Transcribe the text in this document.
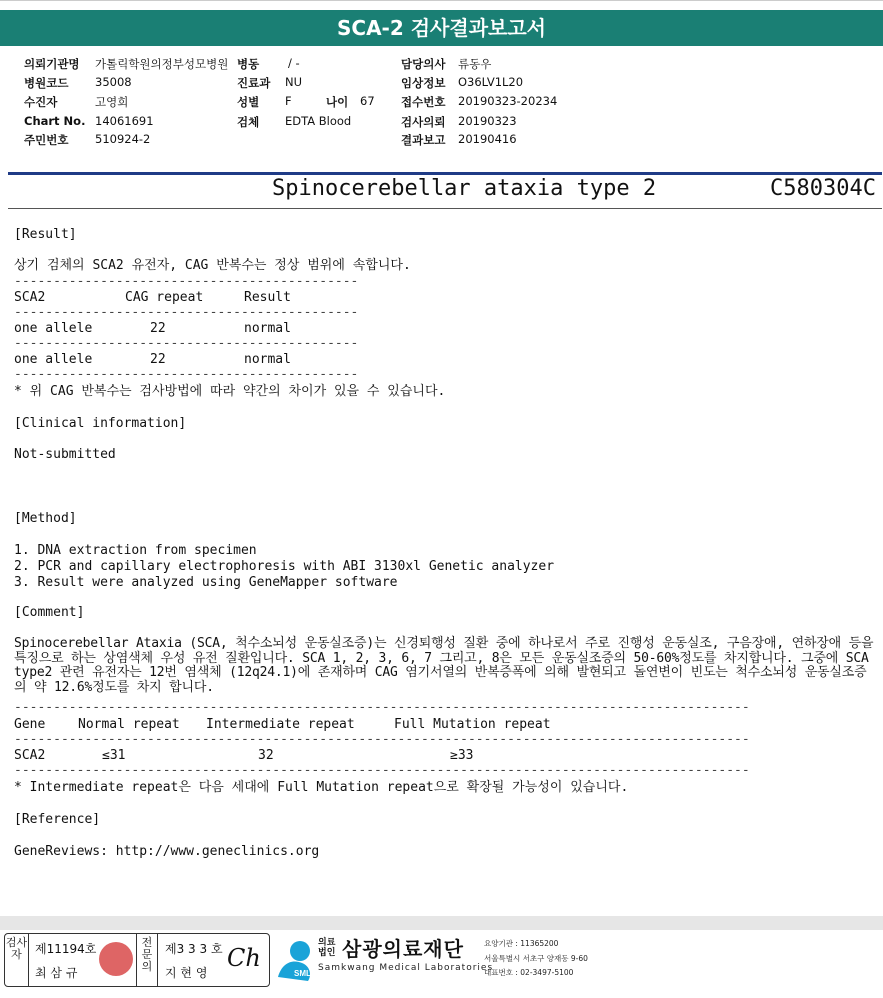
SCA-2 검사결과보고서
의뢰기관명 가톨릭학원의정부성모병원 병동	/ -	담당의사 류동우
병원코드 35008	진료과 NU	임상정보 O36LV1L20
수진자	고영희	성별 F	나이 67 접수번호 20190323-20234
Chart No. 14061691	검체 EDTA Blood	검사의뢰 20190323
주민번호 510924-2	결과보고 20190416
Spinocerebellar ataxia type 2	C580304C
[Result]
상기 검체의 SCA2 유전자, CAG 반복수는 정상 범위에 속합니다.
--------------------------------------------
SCA2	CAG repeat	Result
--------------------------------------------
one allele	22	normal
--------------------------------------------
one allele	22	normal
--------------------------------------------
* 위 CAG 반복수는 검사방법에 따라 약간의 차이가 있을 수 있습니다.
[Clinical information]
Not-submitted
[Method]
1. DNA extraction from specimen
2. PCR and capillary electrophoresis with ABI 3130xl Genetic analyzer
3. Result were analyzed using GeneMapper software
[Comment]
Spinocerebellar Ataxia (SCA, 척수소뇌성 운동실조증)는 신경퇴행성 질환 중에 하나로서 주로 진행성 운동실조, 구음장애, 연하장애 등을 특징으로 하는 상염색체 우성 유전 질환입니다. SCA 1, 2, 3, 6, 7 그리고, 8은 모든 운동실조증의 50-60%정도를 차지합니다. 그중에 SCA type2 관련 유전자는 12번 염색체 (12q24.1)에 존재하며 CAG 염기서열의 반복증폭에 의해 발현되고 돌연변이 빈도는 척수소뇌성 운동실조증의 약 12.6%정도를 차지 합니다.
----------------------------------------------------------------------------------------------
Gene	Normal repeat Intermediate repeat	Full Mutation repeat
----------------------------------------------------------------------------------------------
SCA2	≤31	32	≥33
----------------------------------------------------------------------------------------------
* Intermediate repeat은 다음 세대에 Full Mutation repeat으로 확장될 가능성이 있습니다.
[Reference]
GeneReviews: http://www.geneclinics.org
검사자	제11194호
최 삼 규
전문의
제3 3 3 호
지 현 영
Ch
SML
의료
법인 삼광의료재단
Samkwang Medical Laboratories
요양기관 : 11365200
서울특별시 서초구 양재동 9-60
대표번호 : 02-3497-5100
